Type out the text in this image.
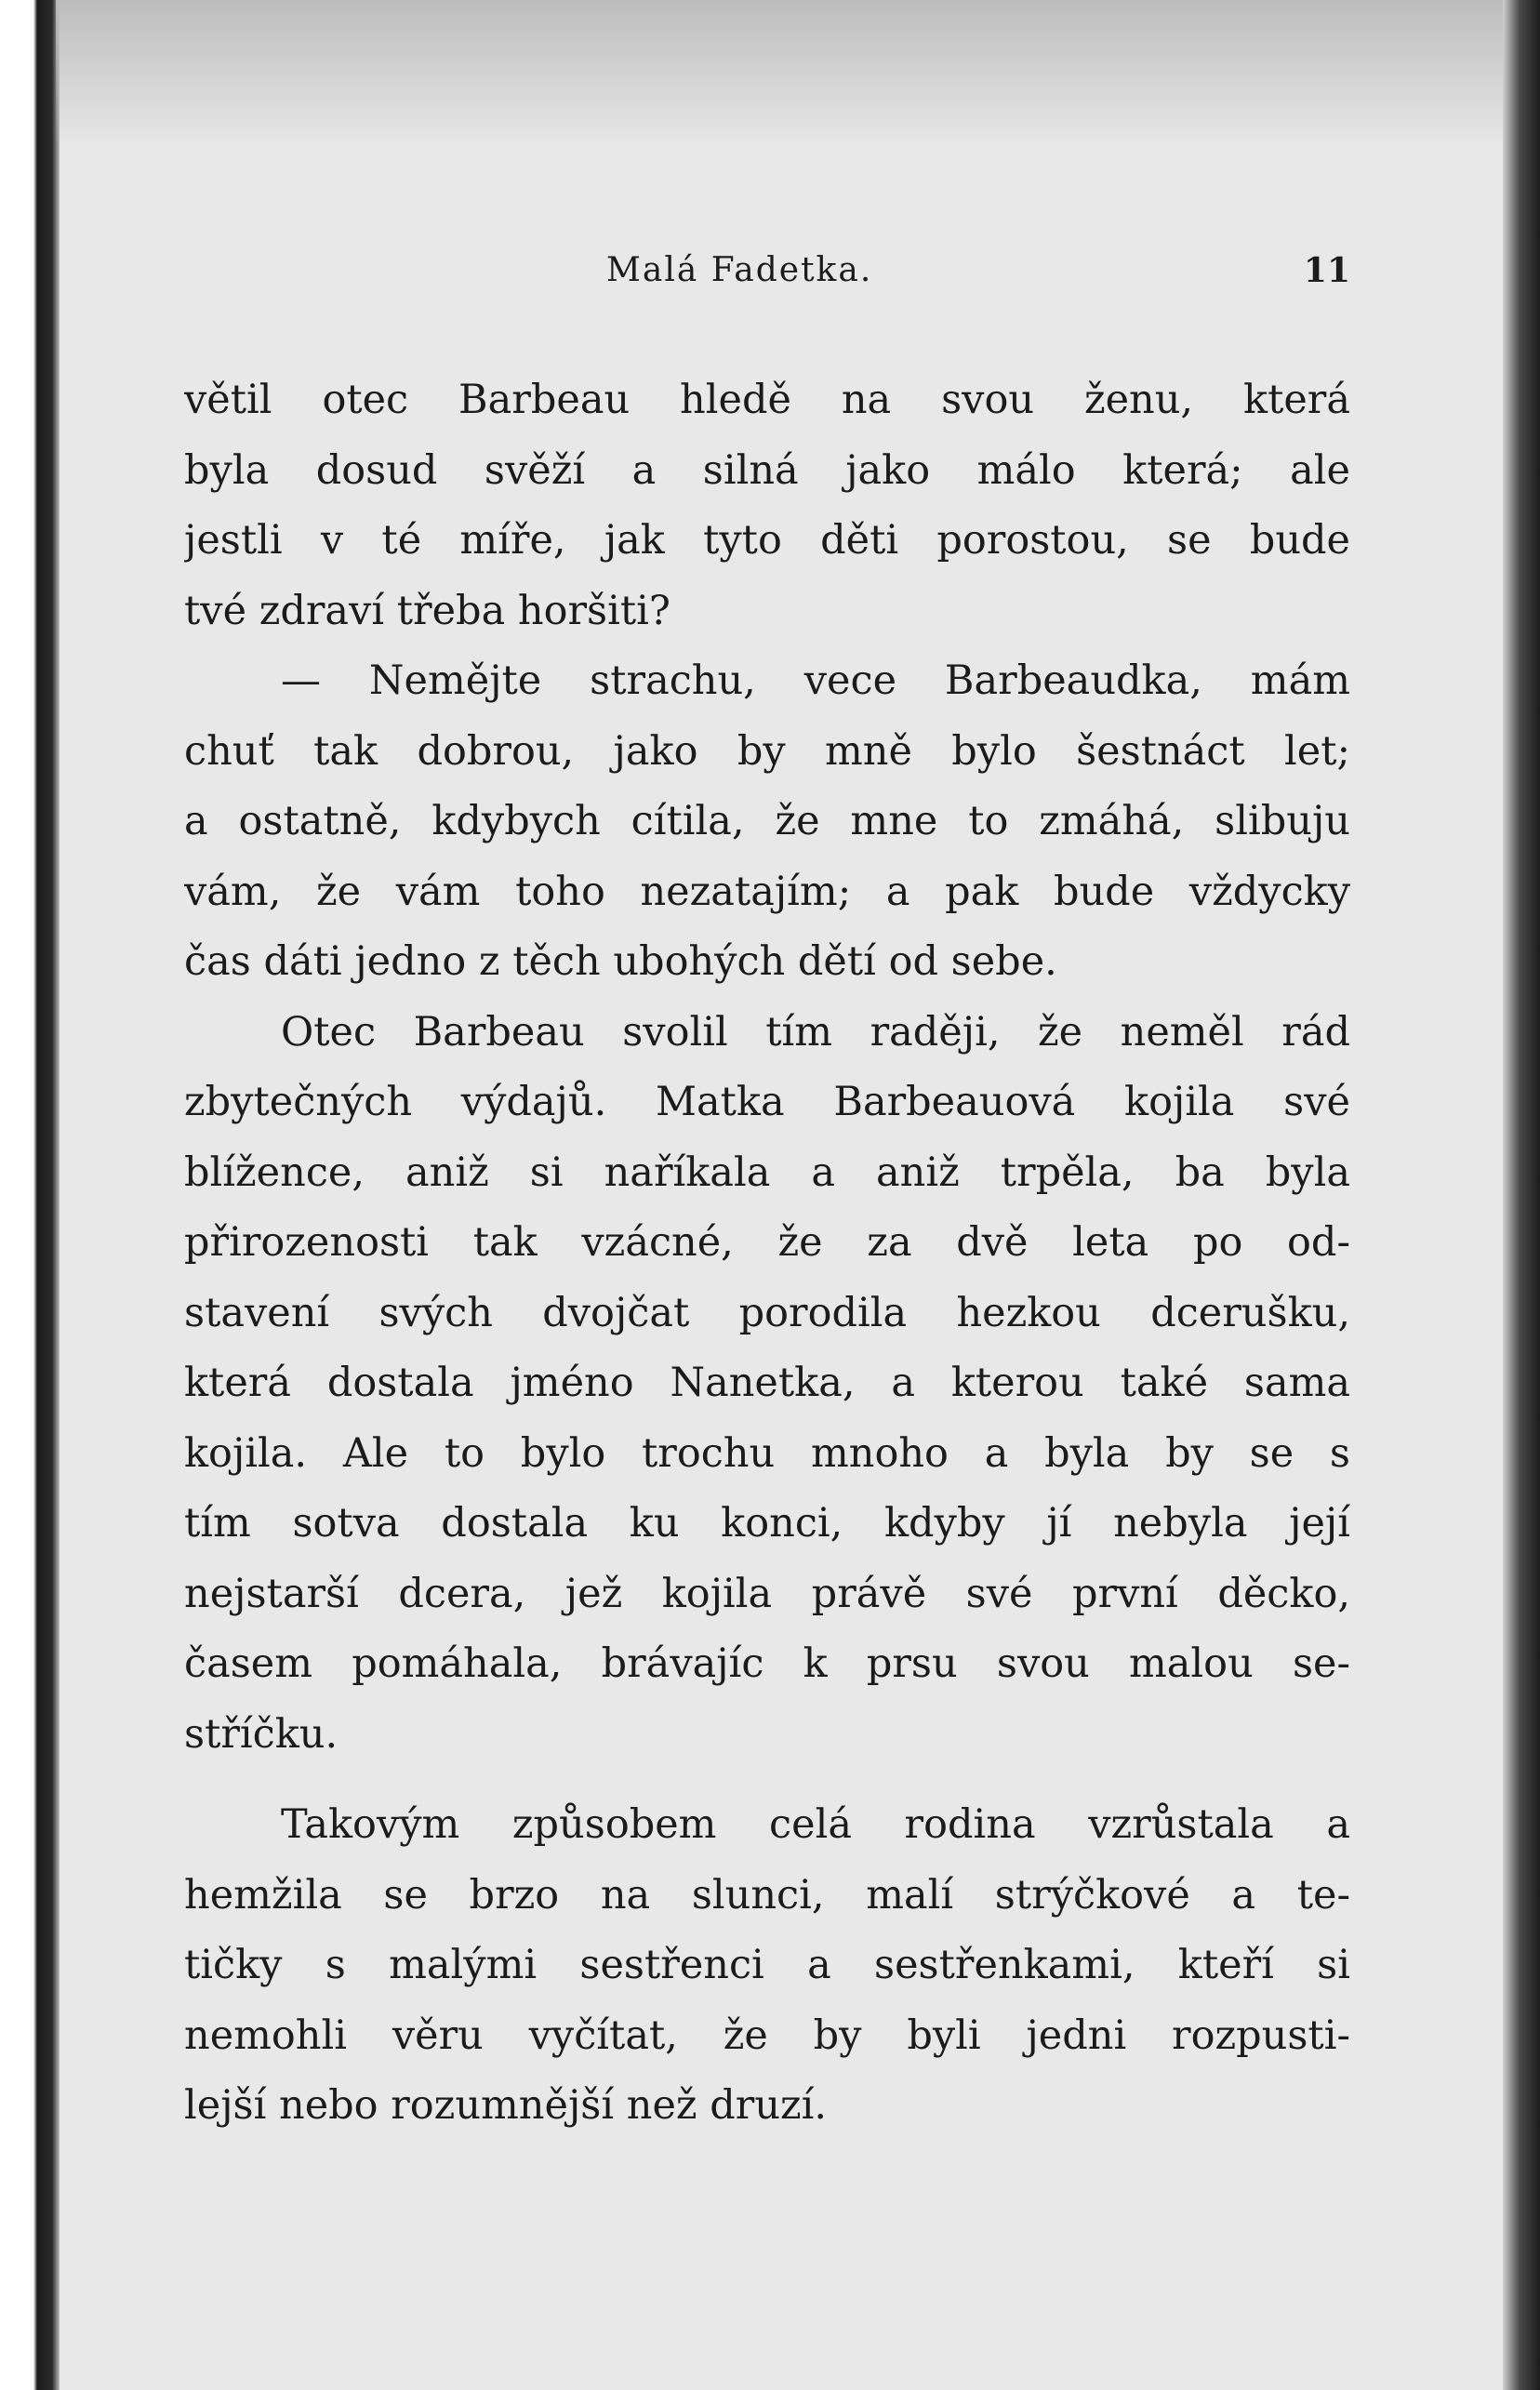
Malá Fadetka.	11
větil otec Barbeau hledě na svou ženu, která
byla dosud svěží a silná jako málo která; ale
jestli v té míře, jak tyto děti porostou, se bude
tvé zdraví třeba horšiti?
— Nemějte strachu, vece Barbeaudka, mám
chuť tak dobrou, jako by mně bylo šestnáct let;
a ostatně, kdybych cítila, že mne to zmáhá, slibuju
vám, že vám toho nezatajím; a pak bude vždycky
čas dáti jedno z těch ubohých dětí od sebe.
Otec Barbeau svolil tím raději, že neměl rád
zbytečných výdajů. Matka Barbeauová kojila své
blížence, aniž si naříkala a aniž trpěla, ba byla
přirozenosti tak vzácné, že za dvě leta po od-
stavení svých dvojčat porodila hezkou dcerušku,
která dostala jméno Nanetka, a kterou také sama
kojila. Ale to bylo trochu mnoho a byla by se s
tím sotva dostala ku konci, kdyby jí nebyla její
nejstarší dcera, jež kojila právě své první děcko,
časem pomáhala, brávajíc k prsu svou malou se-
stříčku.
Takovým způsobem celá rodina vzrůstala a
hemžila se brzo na slunci, malí strýčkové a te-
tičky s malými sestřenci a sestřenkami, kteří si
nemohli věru vyčítat, že by byli jedni rozpusti-
lejší nebo rozumnější než druzí.
